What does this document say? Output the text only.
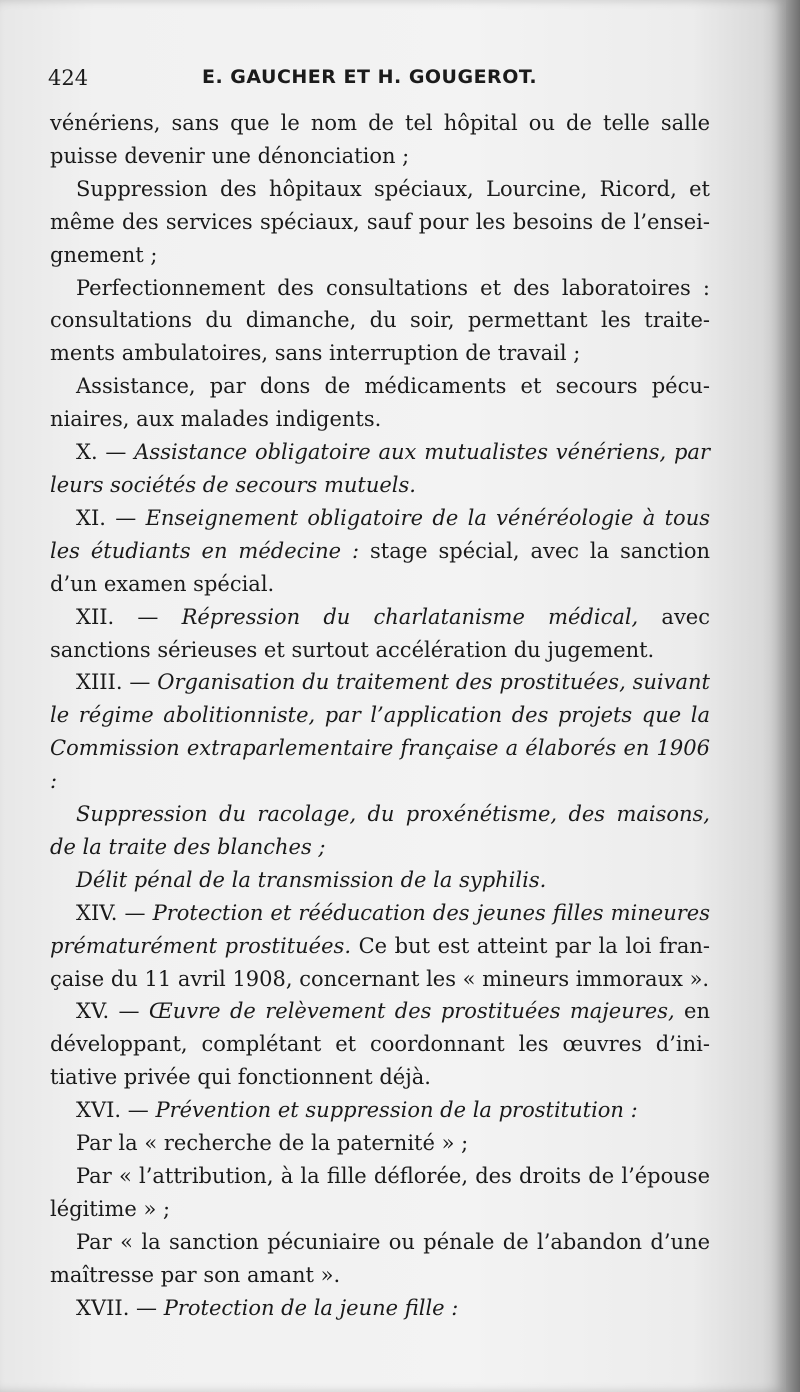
424	E. GAUCHER ET H. GOUGEROT.

vénériens, sans que le nom de tel hôpital ou de telle salle puisse devenir une dénonciation ;

Suppression des hôpitaux spéciaux, Lourcine, Ricord, et même des services spéciaux, sauf pour les besoins de l’enseignement ;

Perfectionnement des consultations et des laboratoires : consultations du dimanche, du soir, permettant les traitements ambulatoires, sans interruption de travail ;

Assistance, par dons de médicaments et secours pécuniaires, aux malades indigents.

X. — Assistance obligatoire aux mutualistes vénériens, par leurs sociétés de secours mutuels.

XI. — Enseignement obligatoire de la vénéréologie à tous les étudiants en médecine : stage spécial, avec la sanction d’un examen spécial.

XII. — Répression du charlatanisme médical, avec sanctions sérieuses et surtout accélération du jugement.

XIII. — Organisation du traitement des prostituées, suivant le régime abolitionniste, par l’application des projets que la Commission extraparlementaire française a élaborés en 1906 :

Suppression du racolage, du proxénétisme, des maisons, de la traite des blanches ;

Délit pénal de la transmission de la syphilis.

XIV. — Protection et rééducation des jeunes filles mineures prématurément prostituées. Ce but est atteint par la loi française du 11 avril 1908, concernant les « mineurs immoraux ».

XV. — Œuvre de relèvement des prostituées majeures, en développant, complétant et coordonnant les œuvres d’initiative privée qui fonctionnent déjà.

XVI. — Prévention et suppression de la prostitution :

Par la « recherche de la paternité » ;

Par « l’attribution, à la fille déflorée, des droits de l’épouse légitime » ;

Par « la sanction pécuniaire ou pénale de l’abandon d’une maîtresse par son amant ».

XVII. — Protection de la jeune fille :
